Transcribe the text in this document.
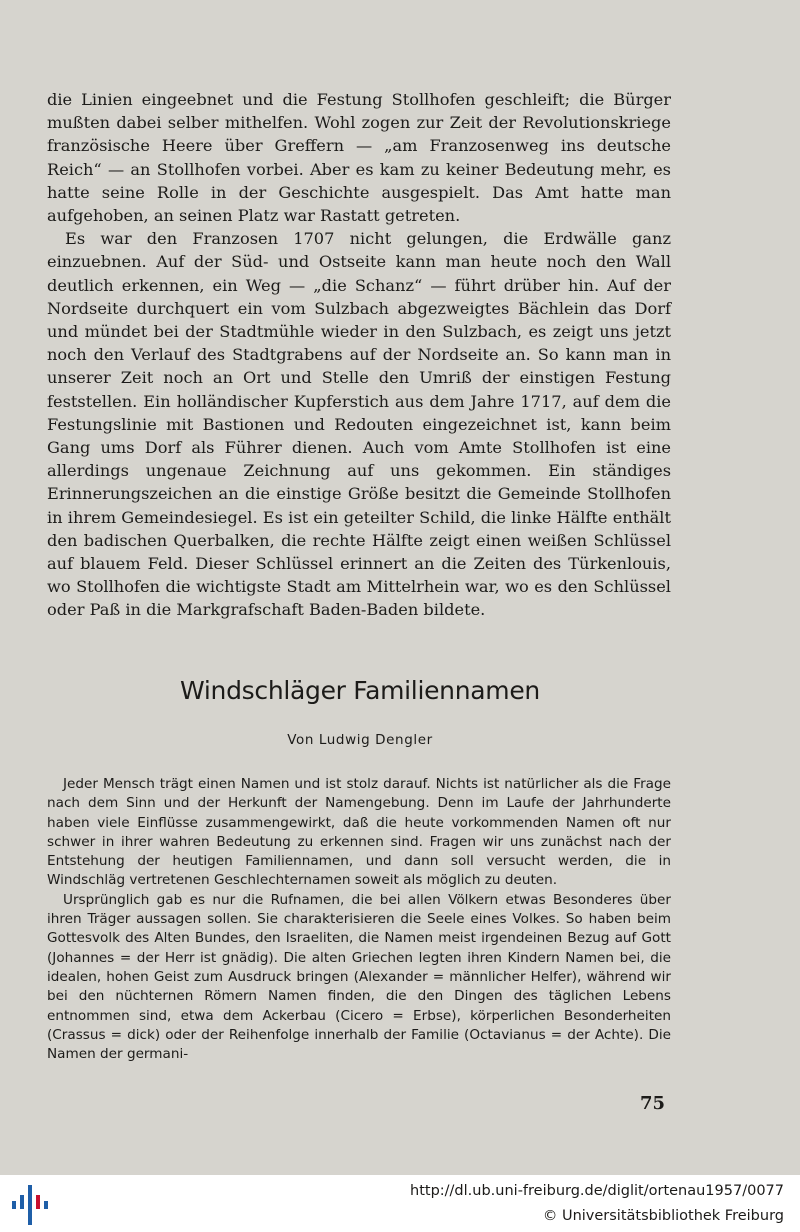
die Linien eingeebnet und die Festung Stollhofen geschleift; die Bürger mußten dabei selber mithelfen. Wohl zogen zur Zeit der Revolutionskriege französische Heere über Greffern — „am Franzosenweg ins deutsche Reich“ — an Stollhofen vorbei. Aber es kam zu keiner Bedeutung mehr, es hatte seine Rolle in der Geschichte ausgespielt. Das Amt hatte man aufgehoben, an seinen Platz war Rastatt getreten.

Es war den Franzosen 1707 nicht gelungen, die Erdwälle ganz einzuebnen. Auf der Süd- und Ostseite kann man heute noch den Wall deutlich erkennen, ein Weg — „die Schanz“ — führt drüber hin. Auf der Nordseite durchquert ein vom Sulzbach abgezweigtes Bächlein das Dorf und mündet bei der Stadtmühle wieder in den Sulzbach, es zeigt uns jetzt noch den Verlauf des Stadtgrabens auf der Nordseite an. So kann man in unserer Zeit noch an Ort und Stelle den Umriß der einstigen Festung feststellen. Ein holländischer Kupferstich aus dem Jahre 1717, auf dem die Festungslinie mit Bastionen und Redouten eingezeichnet ist, kann beim Gang ums Dorf als Führer dienen. Auch vom Amte Stollhofen ist eine allerdings ungenaue Zeichnung auf uns gekommen. Ein ständiges Erinnerungszeichen an die einstige Größe besitzt die Gemeinde Stollhofen in ihrem Gemeindesiegel. Es ist ein geteilter Schild, die linke Hälfte enthält den badischen Querbalken, die rechte Hälfte zeigt einen weißen Schlüssel auf blauem Feld. Dieser Schlüssel erinnert an die Zeiten des Türkenlouis, wo Stollhofen die wichtigste Stadt am Mittelrhein war, wo es den Schlüssel oder Paß in die Markgrafschaft Baden-Baden bildete.

Windschläger Familiennamen
Von Ludwig Dengler

Jeder Mensch trägt einen Namen und ist stolz darauf. Nichts ist natürlicher als die Frage nach dem Sinn und der Herkunft der Namengebung. Denn im Laufe der Jahrhunderte haben viele Einflüsse zusammengewirkt, daß die heute vorkommenden Namen oft nur schwer in ihrer wahren Bedeutung zu erkennen sind. Fragen wir uns zunächst nach der Entstehung der heutigen Familiennamen, und dann soll versucht werden, die in Windschläg vertretenen Geschlechternamen soweit als möglich zu deuten.

Ursprünglich gab es nur die Rufnamen, die bei allen Völkern etwas Besonderes über ihren Träger aussagen sollen. Sie charakterisieren die Seele eines Volkes. So haben beim Gottesvolk des Alten Bundes, den Israeliten, die Namen meist irgendeinen Bezug auf Gott (Johannes = der Herr ist gnädig). Die alten Griechen legten ihren Kindern Namen bei, die idealen, hohen Geist zum Ausdruck bringen (Alexander = männlicher Helfer), während wir bei den nüchternen Römern Namen finden, die den Dingen des täglichen Lebens entnommen sind, etwa dem Ackerbau (Cicero = Erbse), körperlichen Besonderheiten (Crassus = dick) oder der Reihenfolge innerhalb der Familie (Octavianus = der Achte). Die Namen der germani-

75
http://dl.ub.uni-freiburg.de/diglit/ortenau1957/0077
© Universitätsbibliothek Freiburg
